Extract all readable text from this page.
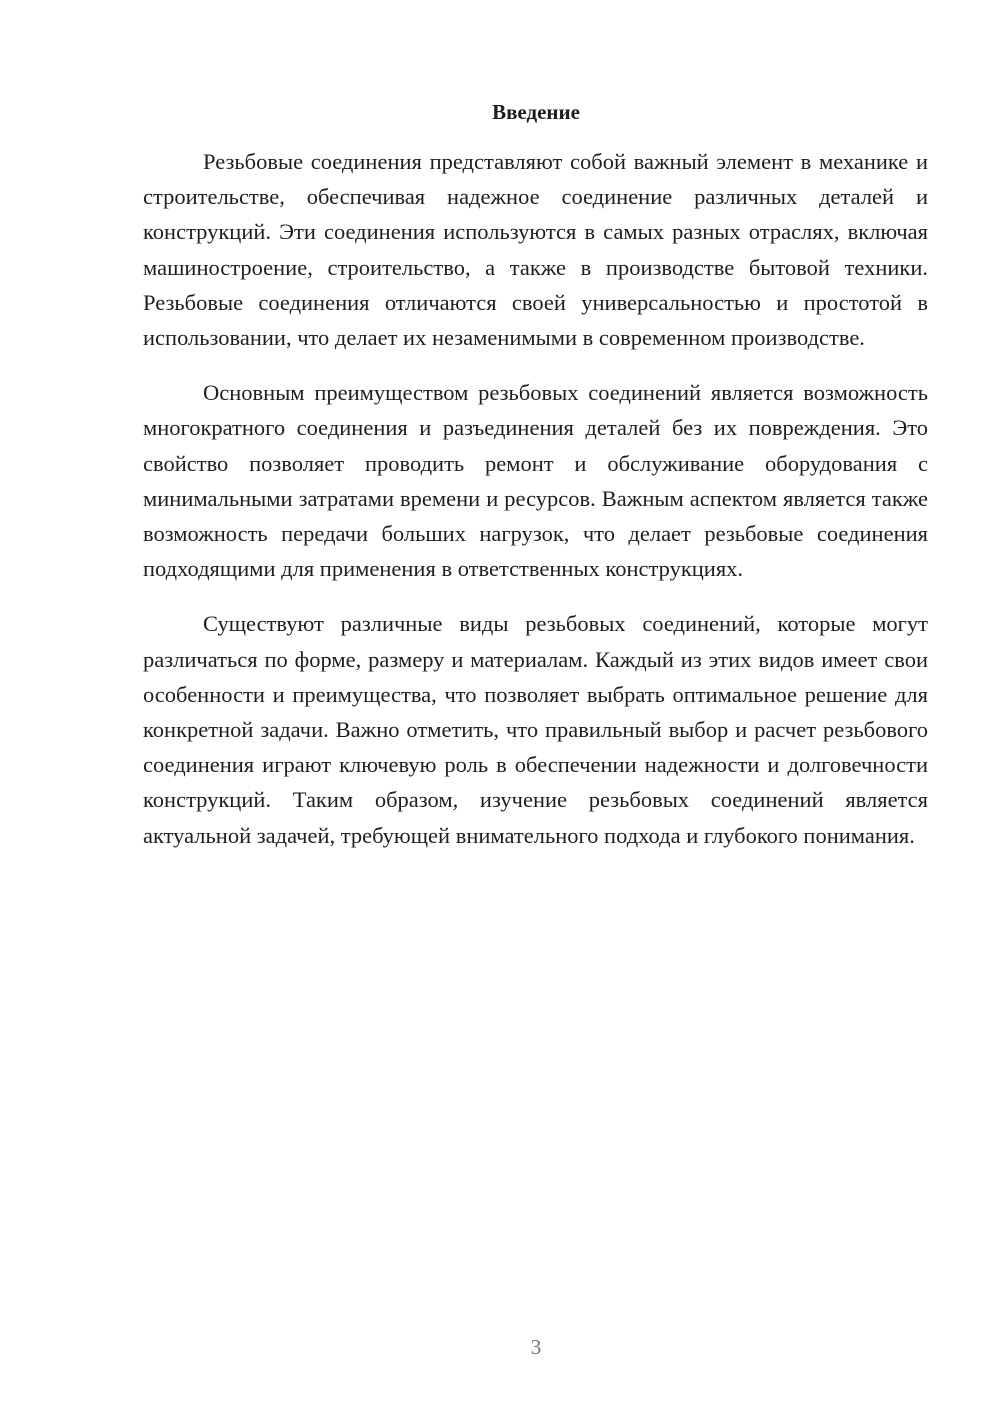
Введение

Резьбовые соединения представляют собой важный элемент в механике и строительстве, обеспечивая надежное соединение различных деталей и конструкций. Эти соединения используются в самых разных отраслях, включая машиностроение, строительство, а также в производстве бытовой техники. Резьбовые соединения отличаются своей универсальностью и простотой в использовании, что делает их незаменимыми в современном производстве.

Основным преимуществом резьбовых соединений является возможность многократного соединения и разъединения деталей без их повреждения. Это свойство позволяет проводить ремонт и обслуживание оборудования с минимальными затратами времени и ресурсов. Важным аспектом является также возможность передачи больших нагрузок, что делает резьбовые соединения подходящими для применения в ответственных конструкциях.

Существуют различные виды резьбовых соединений, которые могут различаться по форме, размеру и материалам. Каждый из этих видов имеет свои особенности и преимущества, что позволяет выбрать оптимальное решение для конкретной задачи. Важно отметить, что правильный выбор и расчет резьбового соединения играют ключевую роль в обеспечении надежности и долговечности конструкций. Таким образом, изучение резьбовых соединений является актуальной задачей, требующей внимательного подхода и глубокого понимания.

3
